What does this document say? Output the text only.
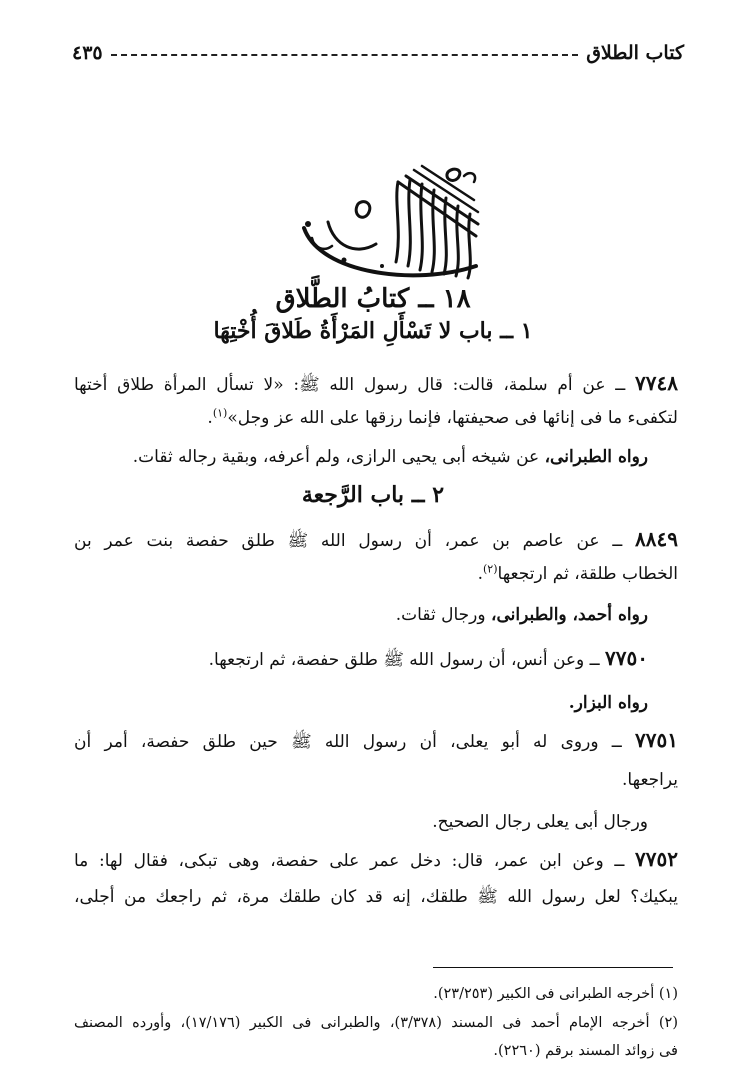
كتاب الطلاق
٤٣٥
١٨ ــ كتابُ الطَّلاق
١ ــ باب لا تَسْأَلِ المَرْأَةُ طَلاقَ أُخْتِهَا
٧٧٤٨ ــ عن أم سلمة، قالت: قال رسول الله ﷺ: «لا تسأل المرأة طلاق أختها
لتكفىء ما فى إنائها فى صحيفتها، فإنما رزقها على الله عز وجل»$^{(١)}$.
رواه الطبرانى، عن شيخه أبى يحيى الرازى، ولم أعرفه، وبقية رجاله ثقات.
٢ ــ باب الرَّجعة
٨٨٤٩ ــ عن عاصم بن عمر، أن رسول الله ﷺ طلق حفصة بنت عمر بن
الخطاب طلقة، ثم ارتجعها$^{(٢)}$.
رواه أحمد، والطبرانى، ورجال ثقات.
٧٧٥٠ ــ وعن أنس، أن رسول الله ﷺ طلق حفصة، ثم ارتجعها.
رواه البزار.
٧٧٥١ ــ وروى له أبو يعلى، أن رسول الله ﷺ حين طلق حفصة، أمر أن
يراجعها.
ورجال أبى يعلى رجال الصحيح.
٧٧٥٢ ــ وعن ابن عمر، قال: دخل عمر على حفصة، وهى تبكى، فقال لها: ما
يبكيك؟ لعل رسول الله ﷺ طلقك، إنه قد كان طلقك مرة، ثم راجعك من أجلى،
(١) أخرجه الطبرانى فى الكبير (٢٣/٢٥٣).
(٢) أخرجه الإمام أحمد فى المسند (٣/٣٧٨)، والطبرانى فى الكبير (١٧/١٧٦)، وأورده المصنف
فى زوائد المسند برقم (٢٢٦٠).
